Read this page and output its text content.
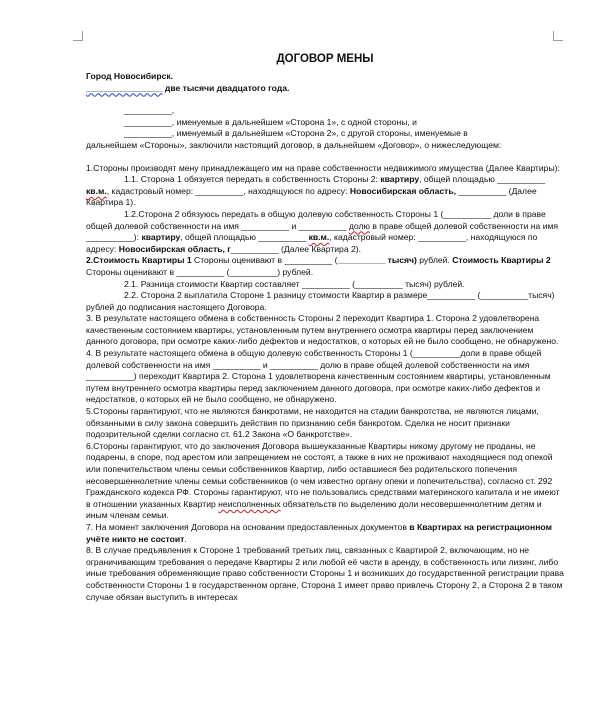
ДОГОВОР МЕНЫ

Город Новосибирск.

________________ две тысячи двадцатого года.

__________,

__________, именуемые в дальнейшем «Сторона 1», с одной стороны, и

__________, именуемый в дальнейшем «Сторона 2», с другой стороны, именуемые в

дальнейшем «Стороны», заключили настоящий договор, в дальнейшем «Договор», о нижеследующем:

1.Стороны производят мену принадлежащего им на праве собственности недвижимого имущества (Далее Квартиры):

1.1. Сторона 1 обязуется передать в собственность Стороны 2: квартиру, общей площадью __________ кв.м., кадастровый номер: __________, находящуюся по адресу: Новосибирская область, __________ (Далее Квартира 1).

1.2.Сторона 2 обязуюсь передать в общую долевую собственность Стороны 1 (__________ доли в праве общей долевой собственности на имя __________ и __________ долю в праве общей долевой собственности на имя __________): квартиру, общей площадью __________ кв.м., кадастровый номер: __________, находящуюся по адресу: Новосибирская область, г__________ (Далее Квартира 2).

2.Стоимость Квартиры 1 Стороны оценивают в __________ (__________ тысяч) рублей. Стоимость Квартиры 2 Стороны оценивают в __________ (__________) рублей.

2.1. Разница стоимости Квартир составляет __________ (__________ тысяч) рублей.

2.2. Сторона 2 выплатила Стороне 1 разницу стоимости Квартир в размере__________ (__________тысяч) рублей до подписания настоящего Договора.

3. В результате настоящего обмена в собственность Стороны 2 переходит Квартира 1. Сторона 2 удовлетворена качественным состоянием квартиры, установленным путем внутреннего осмотра квартиры перед заключением данного договора, при осмотре каких-либо дефектов и недостатков, о которых ей не было сообщено, не обнаружено.

4. В результате настоящего обмена в общую долевую собственность Стороны 1 (__________доли в праве общей долевой собственности на имя __________ и __________ долю в праве общей долевой собственности на имя __________) переходит Квартира 2. Сторона 1 удовлетворена качественным состоянием квартиры, установленным путем внутреннего осмотра квартиры перед заключением данного договора, при осмотре каких-либо дефектов и недостатков, о которых ей не было сообщено, не обнаружено.

5.Стороны гарантируют, что не являются банкротами, не находится на стадии банкротства, не являются лицами, обязанными в силу закона совершить действия по признанию себя банкротом. Сделка не носит признаки подозрительной сделки согласно ст. 61.2 Закона «О банкротстве».

6.Стороны гарантируют, что до заключения Договора вышеуказанные Квартиры никому другому не проданы, не подарены, в споре, под арестом или запрещением не состоят, а также в них не проживают находящиеся под опекой или попечительством члены семьи собственников Квартир, либо оставшиеся без родительского попечения несовершеннолетние члены семьи собственников (о чем известно органу опеки и попечительства), согласно ст. 292 Гражданского кодекса РФ. Стороны гарантируют, что не пользовались средствами материнского капитала и не имеют в отношении указанных Квартир неисполненных обязательств по выделению доли несовершеннолетним детям и иным членам семьи.

7. На момент заключения Договора на основании предоставленных документов в Квартирах на регистрационном учёте никто не состоит.

8. В случае предъявления к Стороне 1 требований третьих лиц, связанных с Квартирой 2, включающим, но не ограничивающим требования о передаче Квартиры 2 или любой её части в аренду, в собственность или лизинг, либо иные требования обременяющие право собственности Стороны 1 и возникших до государственной регистрации права собственности Стороны 1 в государственном органе, Сторона 1 имеет право привлечь Сторону 2, а Сторона 2 в таком случае обязан выступить в интересах
